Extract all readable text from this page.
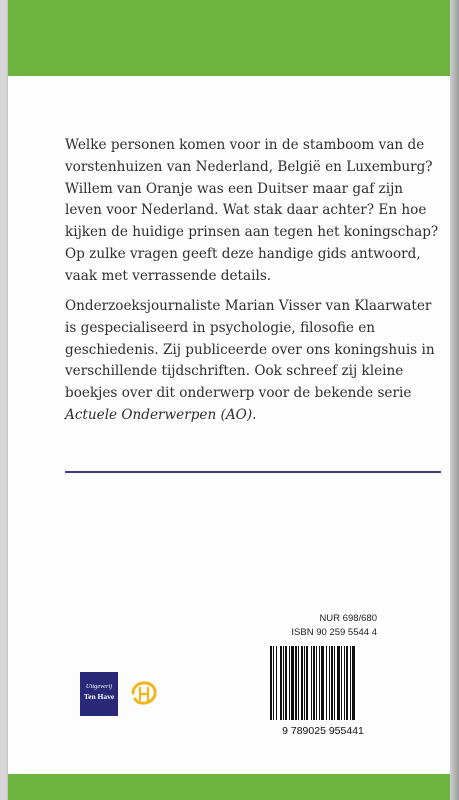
Welke personen komen voor in de stamboom van de vorstenhuizen van Nederland, België en Luxemburg? Willem van Oranje was een Duitser maar gaf zijn leven voor Nederland. Wat stak daar achter? En hoe kijken de huidige prinsen aan tegen het koningschap? Op zulke vragen geeft deze handige gids antwoord, vaak met verrassende details.

Onderzoeksjournaliste Marian Visser van Klaarwater is gespecialiseerd in psychologie, filosofie en geschiedenis. Zij publiceerde over ons koningshuis in verschillende tijdschriften. Ook schreef zij kleine boekjes over dit onderwerp voor de bekende serie Actuele Onderwerpen (AO).

NUR 698/680
ISBN 90 259 5544 4
9 789025 955441
Uitgeverij
Ten Have
